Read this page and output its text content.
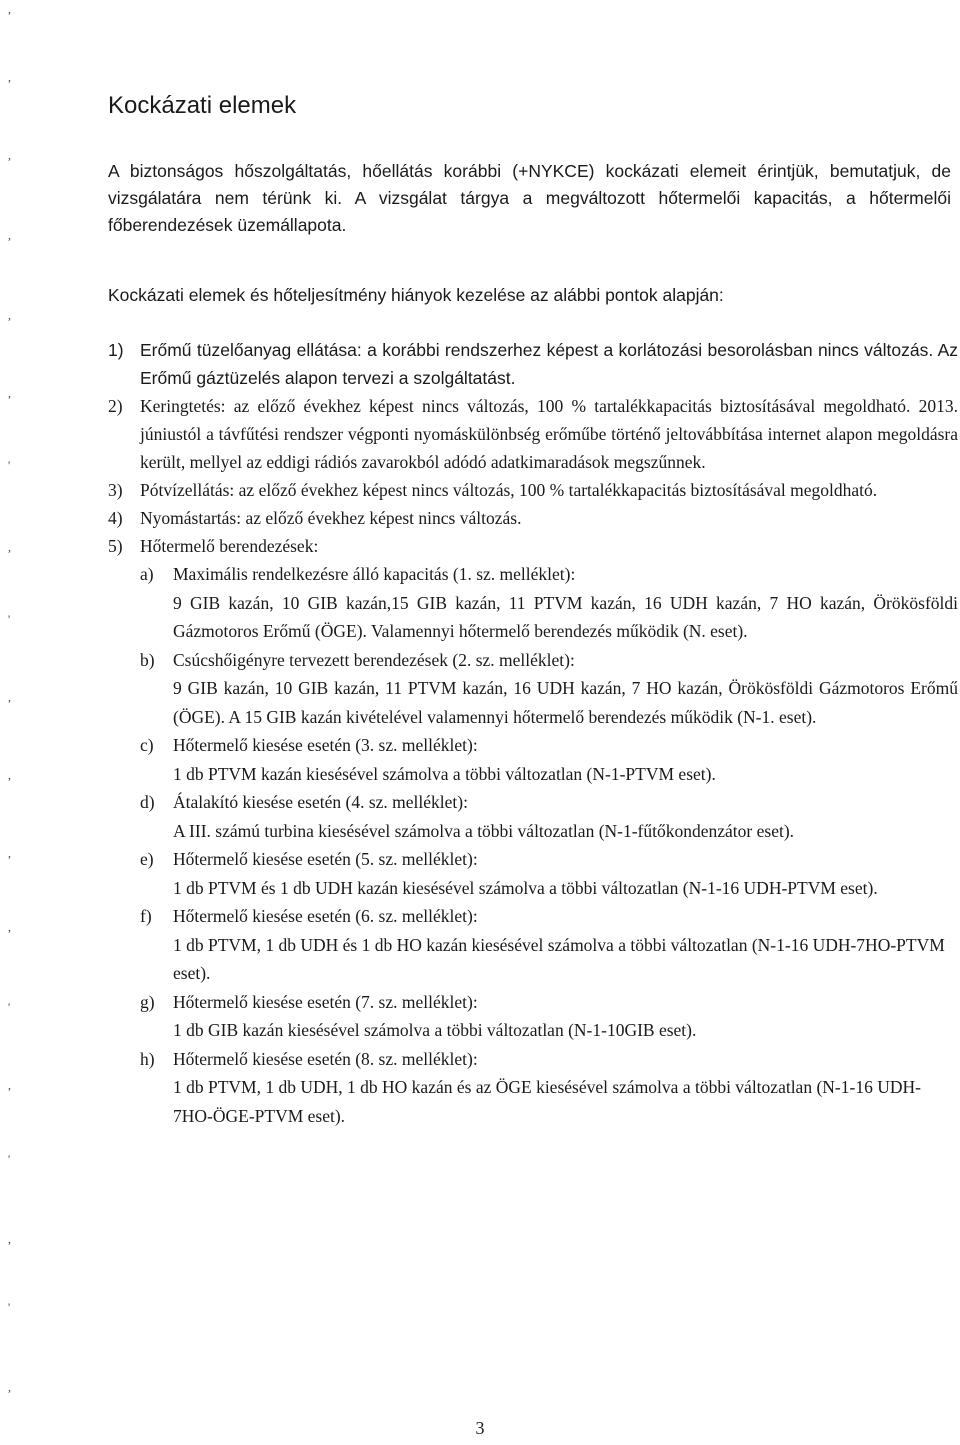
Kockázati elemek

A biztonságos hőszolgáltatás, hőellátás korábbi (+NYKCE) kockázati elemeit érintjük, bemutatjuk, de vizsgálatára nem térünk ki. A vizsgálat tárgya a megváltozott hőtermelői kapacitás, a hőtermelői főberendezések üzemállapota.

Kockázati elemek és hőteljesítmény hiányok kezelése az alábbi pontok alapján:

1) Erőmű tüzelőanyag ellátása: a korábbi rendszerhez képest a korlátozási besorolásban nincs változás. Az Erőmű gáztüzelés alapon tervezi a szolgáltatást.
2) Keringtetés: az előző évekhez képest nincs változás, 100 % tartalékkapacitás biztosításával megoldható. 2013. júniustól a távfűtési rendszer végponti nyomáskülönbség erőműbe történő jeltovábbítása internet alapon megoldásra került, mellyel az eddigi rádiós zavarokból adódó adatkimaradások megszűnnek.
3) Pótvízellátás: az előző évekhez képest nincs változás, 100 % tartalékkapacitás biztosításával megoldható.
4) Nyomástartás: az előző évekhez képest nincs változás.
5) Hőtermelő berendezések:
a) Maximális rendelkezésre álló kapacitás (1. sz. melléklet):
9 GIB kazán, 10 GIB kazán,15 GIB kazán, 11 PTVM kazán, 16 UDH kazán, 7 HO kazán, Örökösföldi Gázmotoros Erőmű (ÖGE). Valamennyi hőtermelő berendezés működik (N. eset).
b) Csúcshőigényre tervezett berendezések (2. sz. melléklet):
9 GIB kazán, 10 GIB kazán, 11 PTVM kazán, 16 UDH kazán, 7 HO kazán, Örökösföldi Gázmotoros Erőmű (ÖGE). A 15 GIB kazán kivételével valamennyi hőtermelő berendezés működik (N-1. eset).
c) Hőtermelő kiesése esetén (3. sz. melléklet):
1 db PTVM kazán kiesésével számolva a többi változatlan (N-1-PTVM eset).
d) Átalakító kiesése esetén (4. sz. melléklet):
A III. számú turbina kiesésével számolva a többi változatlan (N-1-fűtőkondenzátor eset).
e) Hőtermelő kiesése esetén (5. sz. melléklet):
1 db PTVM és 1 db UDH kazán kiesésével számolva a többi változatlan (N-1-16 UDH-PTVM eset).
f) Hőtermelő kiesése esetén (6. sz. melléklet):
1 db PTVM, 1 db UDH és 1 db HO kazán kiesésével számolva a többi változatlan (N-1-16 UDH-7HO-PTVM eset).
g) Hőtermelő kiesése esetén (7. sz. melléklet):
1 db GIB kazán kiesésével számolva a többi változatlan (N-1-10GIB eset).
h) Hőtermelő kiesése esetén (8. sz. melléklet):
1 db PTVM, 1 db UDH, 1 db HO kazán és az ÖGE kiesésével számolva a többi változatlan (N-1-16 UDH-7HO-ÖGE-PTVM eset).
3
,
,
,
,
,
,
'
,
'
,
,
,
,
'
,
'
,
'
,
